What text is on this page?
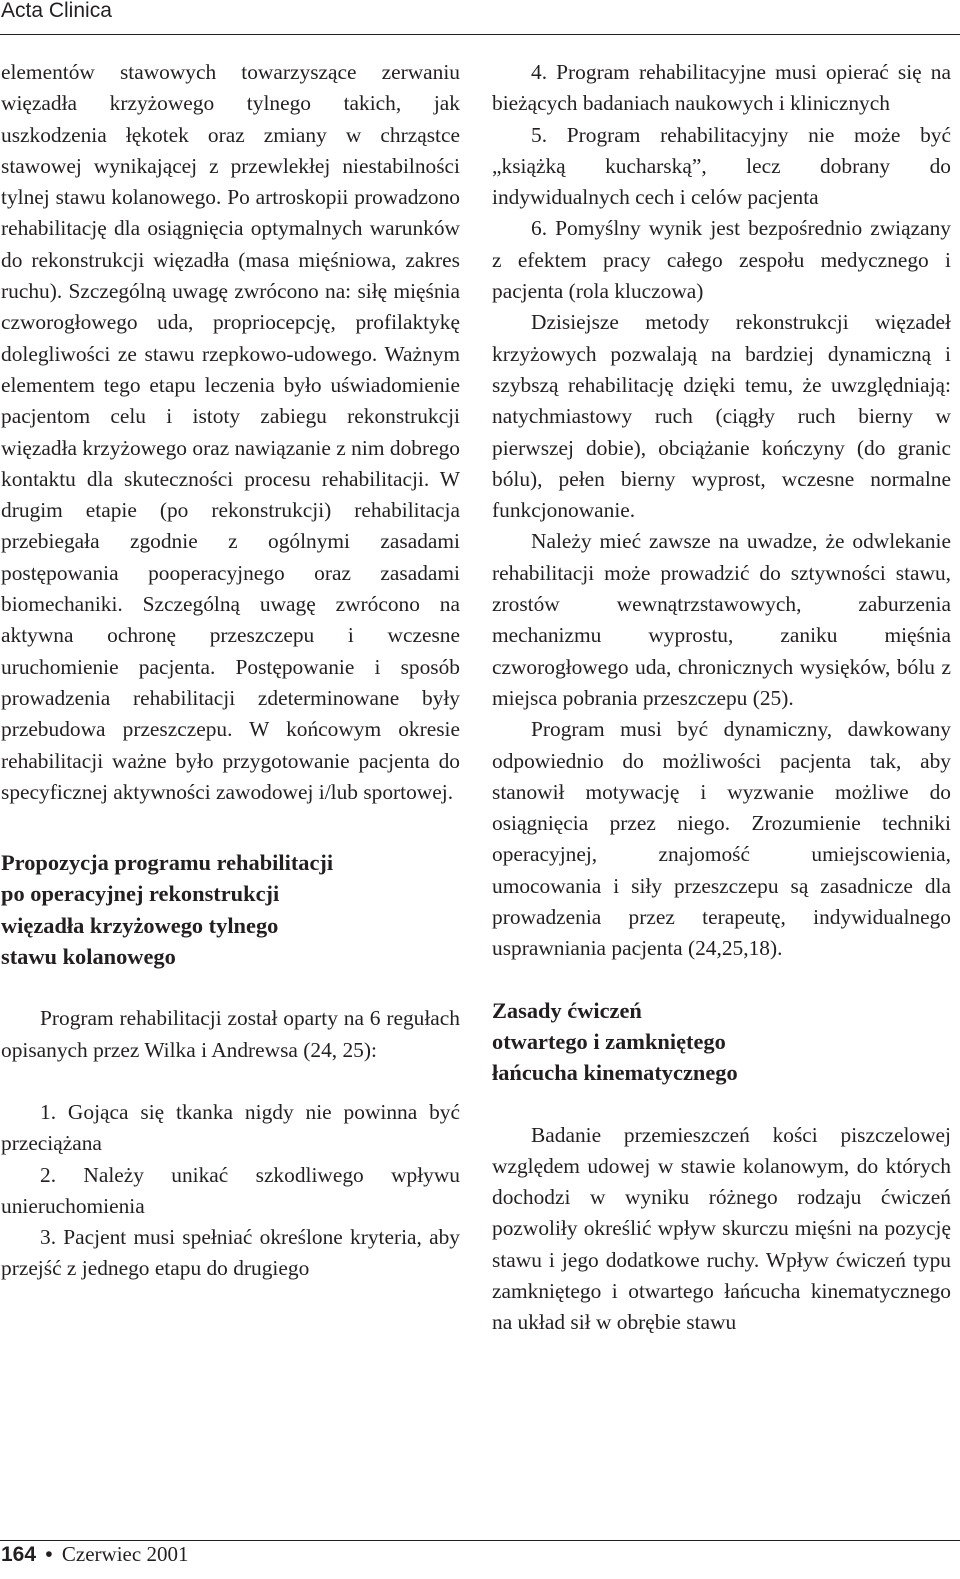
Acta Clinica

elementów stawowych towarzyszące zerwaniu więzadła krzyżowego tylnego takich, jak uszkodzenia łękotek oraz zmiany w chrząstce stawowej wynikającej z przewlekłej niestabilności tylnej stawu kolanowego. Po artroskopii prowadzono rehabilitację dla osiągnięcia optymalnych warunków do rekonstrukcji więzadła (masa mięśniowa, zakres ruchu). Szczególną uwagę zwrócono na: siłę mięśnia czworogłowego uda, propriocepcję, profilaktykę dolegliwości ze stawu rzepkowo-udowego. Ważnym elementem tego etapu leczenia było uświadomienie pacjentom celu i istoty zabiegu rekonstrukcji więzadła krzyżowego oraz nawiązanie z nim dobrego kontaktu dla skuteczności procesu rehabilitacji. W drugim etapie (po rekonstrukcji) rehabilitacja przebiegała zgodnie z ogólnymi zasadami postępowania pooperacyjnego oraz zasadami biomechaniki. Szczególną uwagę zwrócono na aktywna ochronę przeszczepu i wczesne uruchomienie pacjenta. Postępowanie i sposób prowadzenia rehabilitacji zdeterminowane były przebudowa przeszczepu. W końcowym okresie rehabilitacji ważne było przygotowanie pacjenta do specyficznej aktywności zawodowej i/lub sportowej.

Propozycja programu rehabilitacji
po operacyjnej rekonstrukcji
więzadła krzyżowego tylnego
stawu kolanowego

Program rehabilitacji został oparty na 6 regułach opisanych przez Wilka i Andrewsa (24, 25):

1. Gojąca się tkanka nigdy nie powinna być przeciążana

2. Należy unikać szkodliwego wpływu unieruchomienia

3. Pacjent musi spełniać określone kryteria, aby przejść z jednego etapu do drugiego

4. Program rehabilitacyjne musi opierać się na bieżących badaniach naukowych i klinicznych

5. Program rehabilitacyjny nie może być „książką kucharską”, lecz dobrany do indywidualnych cech i celów pacjenta

6. Pomyślny wynik jest bezpośrednio związany z efektem pracy całego zespołu medycznego i pacjenta (rola kluczowa)

Dzisiejsze metody rekonstrukcji więzadeł krzyżowych pozwalają na bardziej dynamiczną i szybszą rehabilitację dzięki temu, że uwzględniają: natychmiastowy ruch (ciągły ruch bierny w pierwszej dobie), obciążanie kończyny (do granic bólu), pełen bierny wyprost, wczesne normalne funkcjonowanie.

Należy mieć zawsze na uwadze, że odwlekanie rehabilitacji może prowadzić do sztywności stawu, zrostów wewnątrzstawowych, zaburzenia mechanizmu wyprostu, zaniku mięśnia czworogłowego uda, chronicznych wysięków, bólu z miejsca pobrania przeszczepu (25).

Program musi być dynamiczny, dawkowany odpowiednio do możliwości pacjenta tak, aby stanowił motywację i wyzwanie możliwe do osiągnięcia przez niego. Zrozumienie techniki operacyjnej, znajomość umiejscowienia, umocowania i siły przeszczepu są zasadnicze dla prowadzenia przez terapeutę, indywidualnego usprawniania pacjenta (24,25,18).

Zasady ćwiczeń
otwartego i zamkniętego
łańcucha kinematycznego

Badanie przemieszczeń kości piszczelowej względem udowej w stawie kolanowym, do których dochodzi w wyniku różnego rodzaju ćwiczeń pozwoliły określić wpływ skurczu mięśni na pozycję stawu i jego dodatkowe ruchy. Wpływ ćwiczeń typu zamkniętego i otwartego łańcucha kinematycznego na układ sił w obrębie stawu

164 • Czerwiec 2001
